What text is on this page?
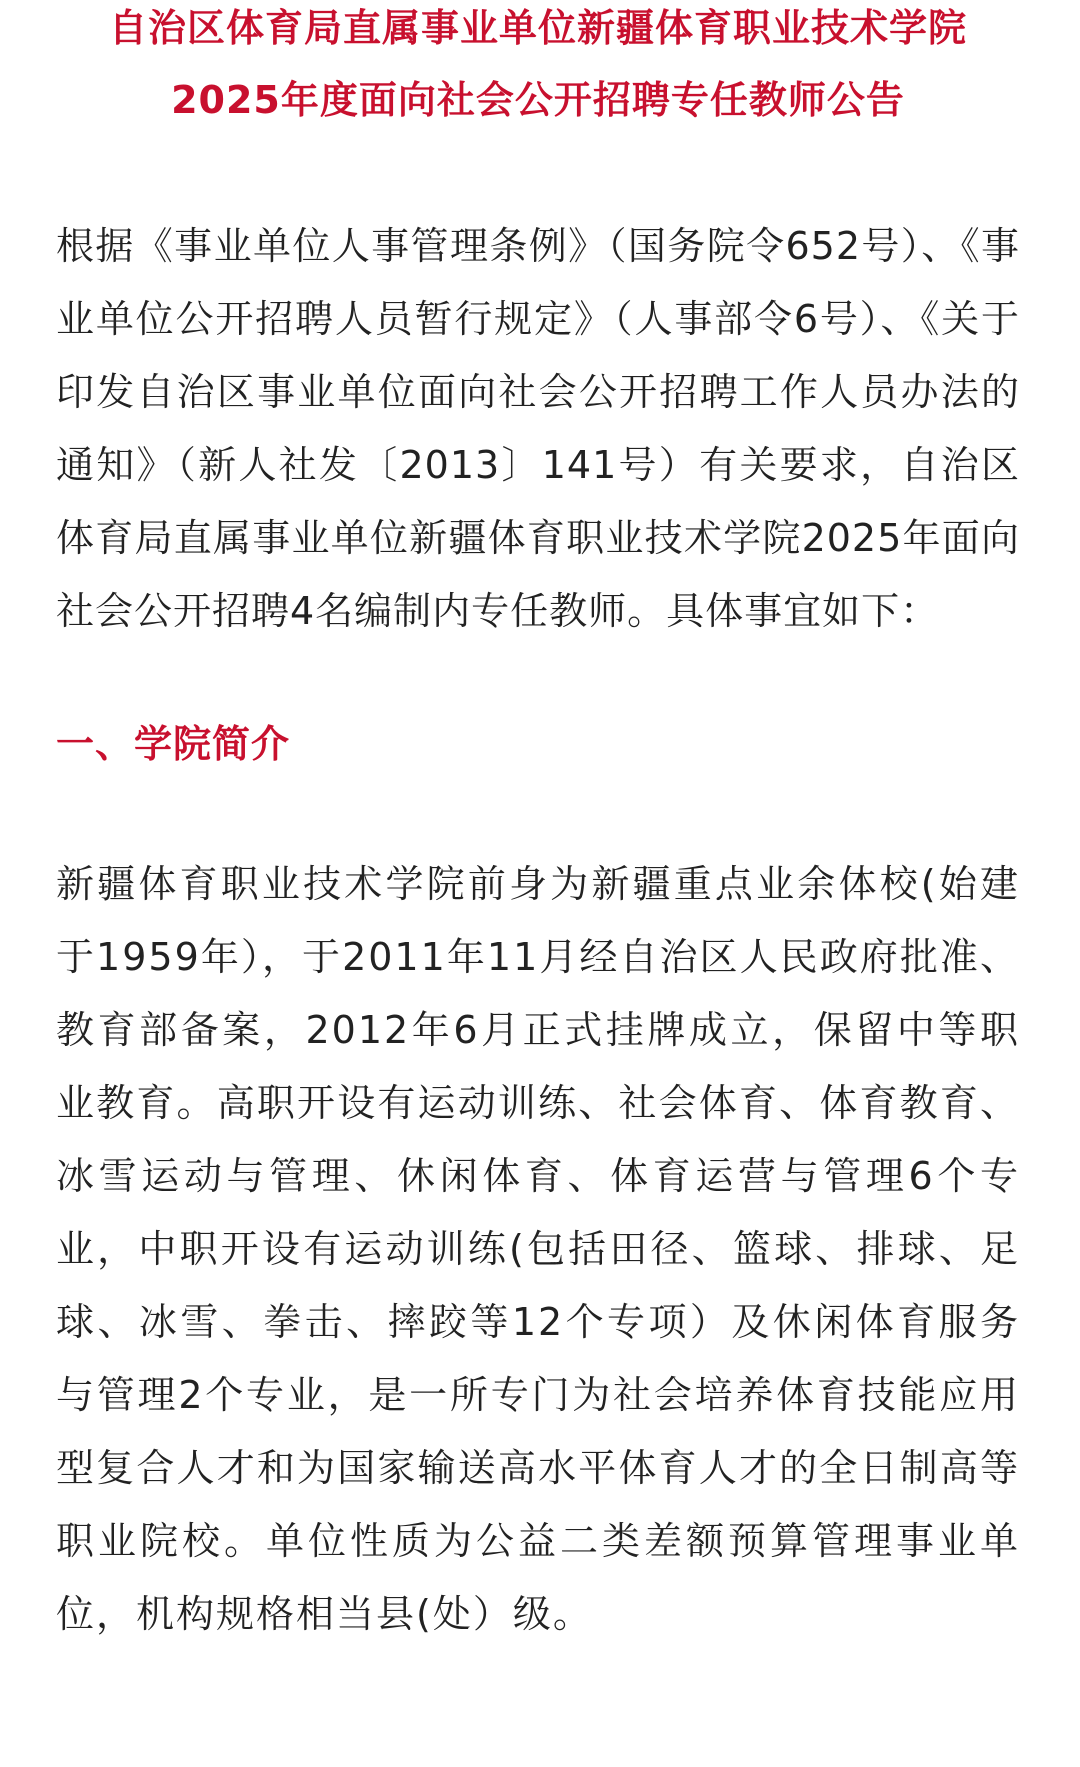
自治区体育局直属事业单位新疆体育职业技术学院
2025年度面向社会公开招聘专任教师公告

根据《事业单位人事管理条例》（国务院令652号）、《事业单位公开招聘人员暂行规定》（人事部令6号）、《关于印发自治区事业单位面向社会公开招聘工作人员办法的通知》（新人社发〔2013〕141号）有关要求，自治区体育局直属事业单位新疆体育职业技术学院2025年面向社会公开招聘4名编制内专任教师。具体事宜如下：

一、学院简介

新疆体育职业技术学院前身为新疆重点业余体校(始建于1959年），于2011年11月经自治区人民政府批准、教育部备案，2012年6月正式挂牌成立，保留中等职业教育。高职开设有运动训练、社会体育、体育教育、冰雪运动与管理、休闲体育、体育运营与管理6个专业，中职开设有运动训练(包括田径、篮球、排球、足球、冰雪、拳击、摔跤等12个专项）及休闲体育服务与管理2个专业，是一所专门为社会培养体育技能应用型复合人才和为国家输送高水平体育人才的全日制高等职业院校。单位性质为公益二类差额预算管理事业单位，机构规格相当县(处）级。
